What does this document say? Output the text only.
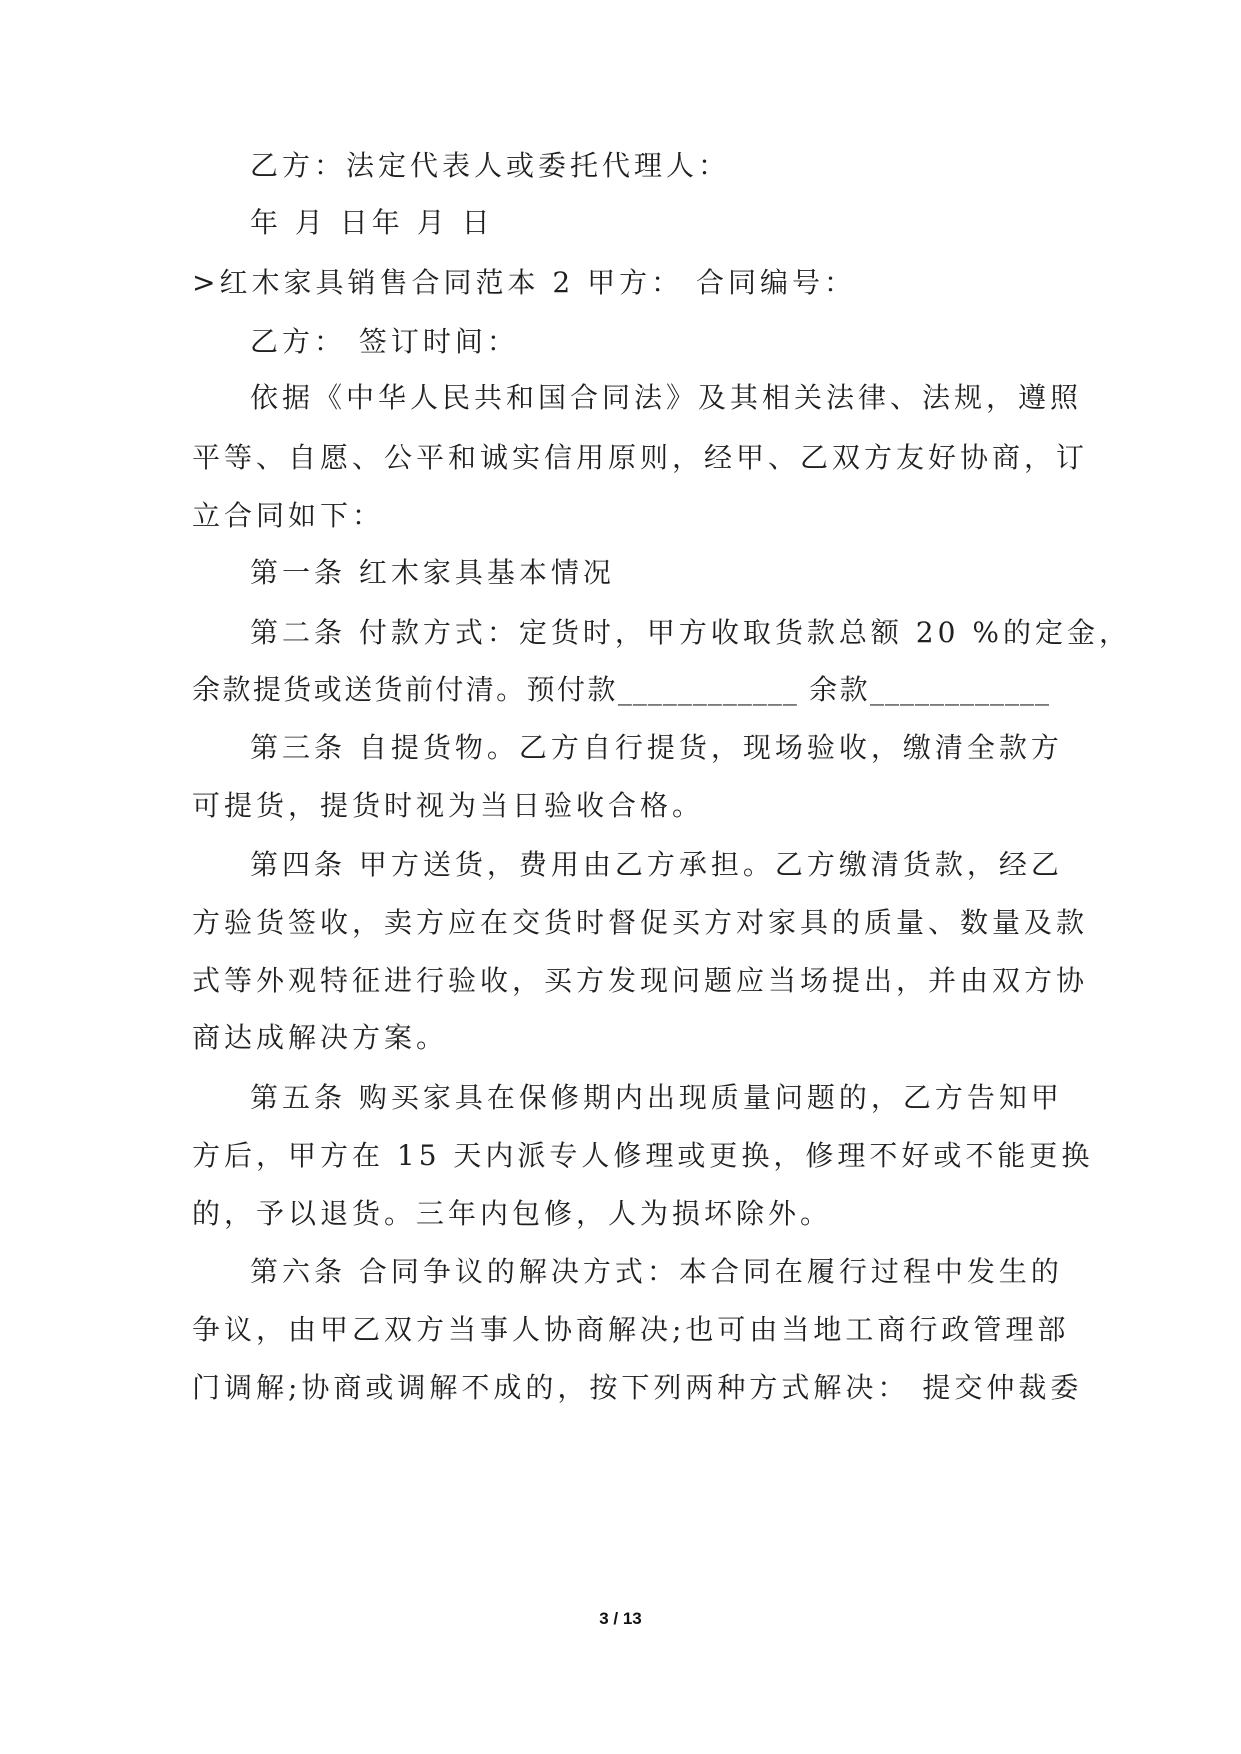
乙方：法定代表人或委托代理人：
年 月 日年 月 日
>红木家具销售合同范本 2 甲方： 合同编号：
乙方： 签订时间：
依据《中华人民共和国合同法》及其相关法律、法规，遵照
平等、自愿、公平和诚实信用原则，经甲、乙双方友好协商，订
立合同如下：
第一条 红木家具基本情况
第二条 付款方式：定货时，甲方收取货款总额 20 %的定金，
余款提货或送货前付清。预付款____________ 余款____________
第三条 自提货物。乙方自行提货，现场验收，缴清全款方
可提货，提货时视为当日验收合格。
第四条 甲方送货，费用由乙方承担。乙方缴清货款，经乙
方验货签收，卖方应在交货时督促买方对家具的质量、数量及款
式等外观特征进行验收，买方发现问题应当场提出，并由双方协
商达成解决方案。
第五条 购买家具在保修期内出现质量问题的，乙方告知甲
方后，甲方在 15 天内派专人修理或更换，修理不好或不能更换
的，予以退货。三年内包修，人为损坏除外。
第六条 合同争议的解决方式：本合同在履行过程中发生的
争议，由甲乙双方当事人协商解决;也可由当地工商行政管理部
门调解;协商或调解不成的，按下列两种方式解决： 提交仲裁委
3 / 13
